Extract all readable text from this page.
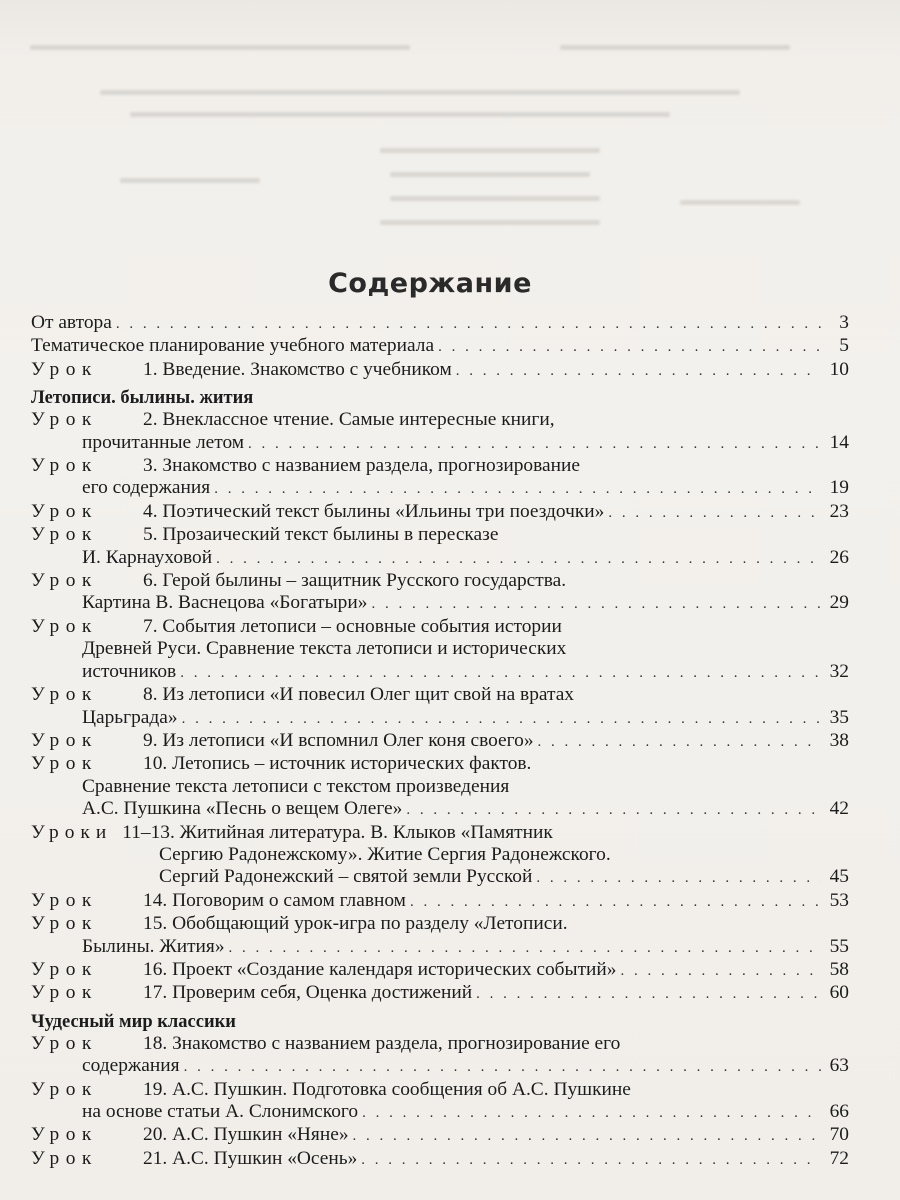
Содержание
От автора . . .	3
Тематическое планирование учебного материала . . .	5
Урок	1. Введение. Знакомство с учебником . . .	10
Летописи. былины. жития
Урок	2. Внеклассное чтение. Самые интересные книги,
прочитанные летом . . .	14
Урок	3. Знакомство с названием раздела, прогнозирование
его содержания . . .	19
Урок	4. Поэтический текст былины «Ильины три поездочки» . . .	23
Урок	5. Прозаический текст былины в пересказе
И. Карнауховой . . .	26
Урок	6. Герой былины – защитник Русского государства.
Картина В. Васнецова «Богатыри» . . .	29
Урок	7. События летописи – основные события истории
Древней Руси. Сравнение текста летописи и исторических
источников . . .	32
Урок	8. Из летописи «И повесил Олег щит свой на вратах
Царьграда» . . .	35
Урок	9. Из летописи «И вспомнил Олег коня своего» . . .	38
Урок	10. Летопись – источник исторических фактов.
Сравнение текста летописи с текстом произведения
А.С. Пушкина «Песнь о вещем Олеге» . . .	42
Уроки 11–13. Житийная литература. В. Клыков «Памятник
Сергию Радонежскому». Житие Сергия Радонежского.
Сергий Радонежский – святой земли Русской . . .	45
Урок	14. Поговорим о самом главном . . .	53
Урок	15. Обобщающий урок-игра по разделу «Летописи.
Былины. Жития» . . .	55
Урок	16. Проект «Создание календаря исторических событий» . . .	58
Урок	17. Проверим себя, Оценка достижений . . .	60
Чудесный мир классики
Урок	18. Знакомство с названием раздела, прогнозирование его
содержания . . .	63
Урок	19. А.С. Пушкин. Подготовка сообщения об А.С. Пушкине
на основе статьи А. Слонимского . . .	66
Урок	20. А.С. Пушкин «Няне» . . .	70
Урок	21. А.С. Пушкин «Осень» . . .	72
